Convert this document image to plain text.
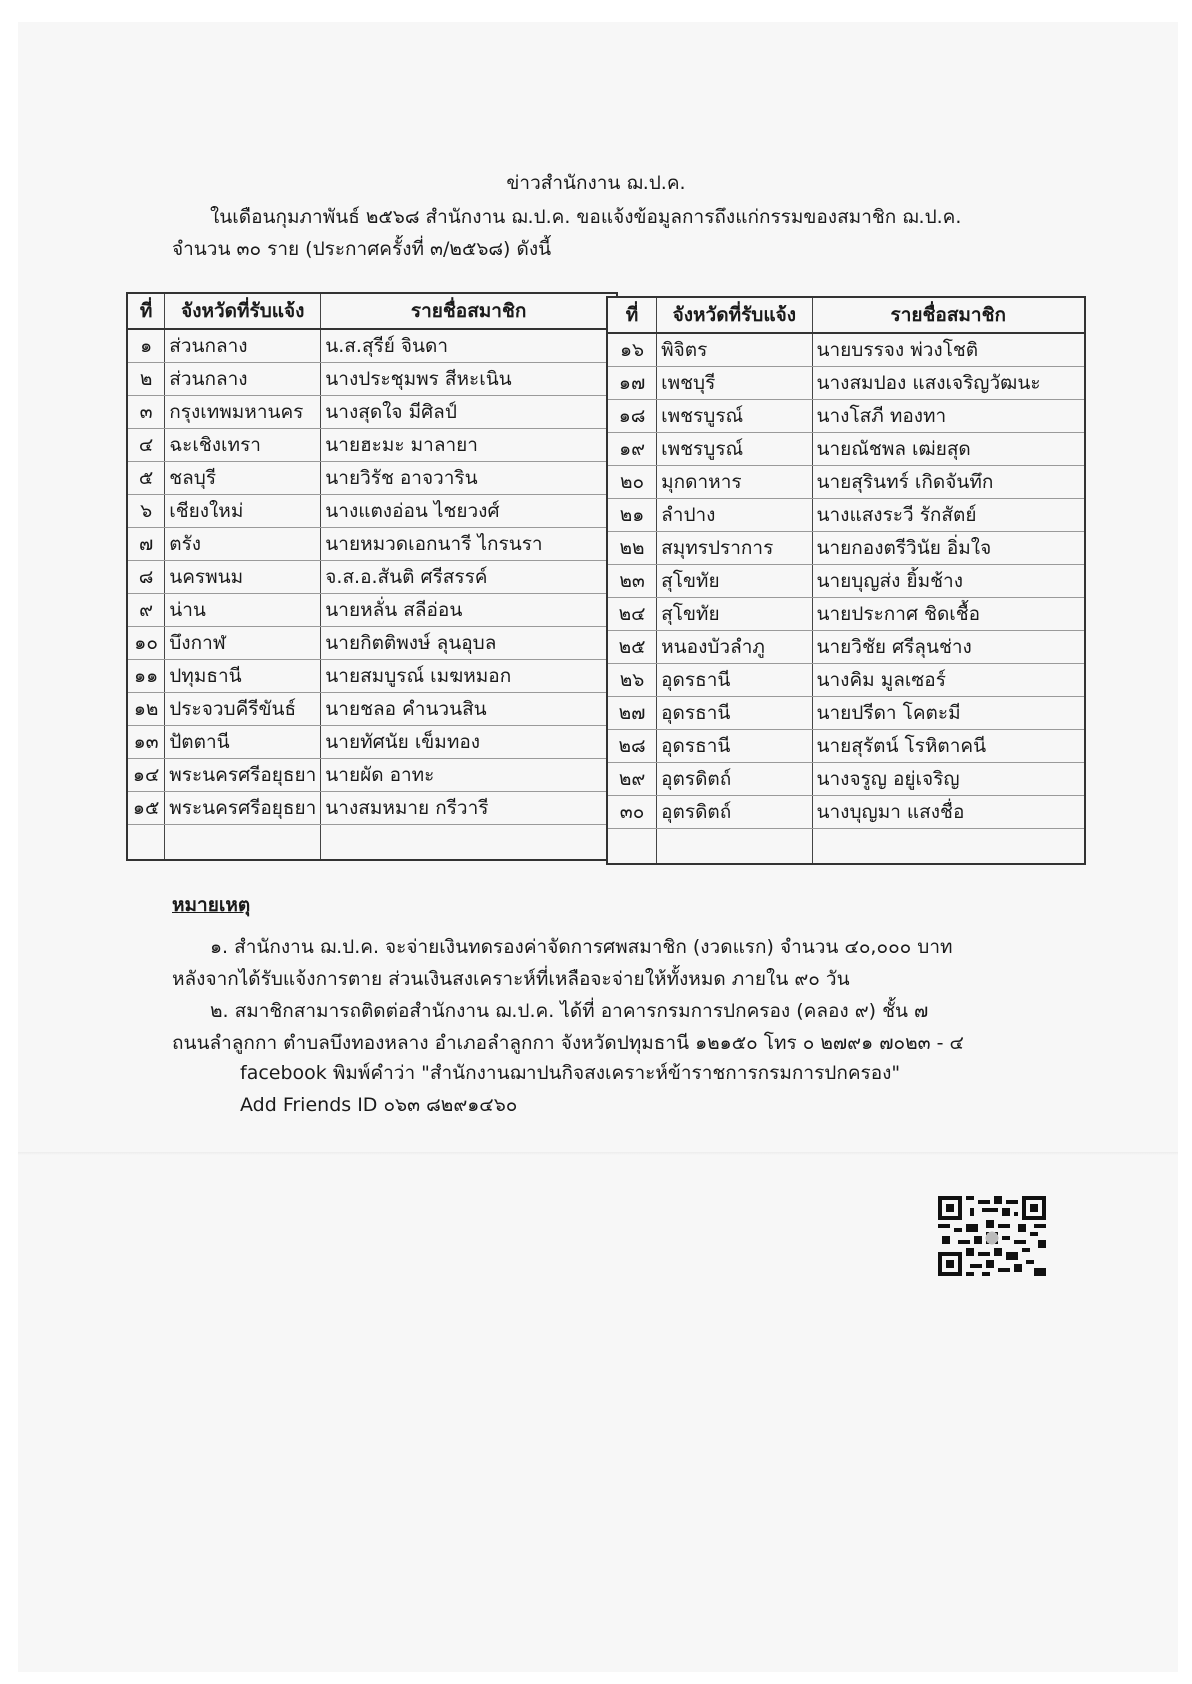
ข่าวสำนักงาน ฌ.ป.ค.
ในเดือนกุมภาพันธ์ ๒๕๖๘ สำนักงาน ฌ.ป.ค. ขอแจ้งข้อมูลการถึงแก่กรรมของสมาชิก ฌ.ป.ค.
จำนวน ๓๐ ราย (ประกาศครั้งที่ ๓/๒๕๖๘) ดังนี้
ที่	จังหวัดที่รับแจ้ง	รายชื่อสมาชิก
๑	ส่วนกลาง	น.ส.สุรีย์ จินดา
๒	ส่วนกลาง	นางประชุมพร สีหะเนิน
๓	กรุงเทพมหานคร	นางสุดใจ มีศิลป์
๔	ฉะเชิงเทรา	นายฮะมะ มาลายา
๕	ชลบุรี	นายวิรัช อาจวาริน
๖	เชียงใหม่	นางแตงอ่อน ไชยวงศ์
๗	ตรัง	นายหมวดเอกนารี ไกรนรา
๘	นครพนม	จ.ส.อ.สันติ ศรีสรรค์
๙	น่าน	นายหลั่น สลีอ่อน
๑๐	บึงกาฬ	นายกิตติพงษ์ ลุนอุบล
๑๑	ปทุมธานี	นายสมบูรณ์ เมฆหมอก
๑๒	ประจวบคีรีขันธ์	นายชลอ คำนวนสิน
๑๓	ปัตตานี	นายทัศนัย เข็มทอง
๑๔	พระนครศรีอยุธยา	นายผัด อาทะ
๑๕	พระนครศรีอยุธยา	นางสมหมาย กรีวารี

ที่	จังหวัดที่รับแจ้ง	รายชื่อสมาชิก
๑๖	พิจิตร	นายบรรจง พ่วงโชติ
๑๗	เพชบุรี	นางสมปอง แสงเจริญวัฒนะ
๑๘	เพชรบูรณ์	นางโสภี ทองทา
๑๙	เพชรบูรณ์	นายณัชพล เฒ่ยสุด
๒๐	มุกดาหาร	นายสุรินทร์ เกิดจันทึก
๒๑	ลำปาง	นางแสงระวี รักสัตย์
๒๒	สมุทรปราการ	นายกองตรีวินัย อิ่มใจ
๒๓	สุโขทัย	นายบุญส่ง ยิ้มช้าง
๒๔	สุโขทัย	นายประกาศ ชิดเชื้อ
๒๕	หนองบัวลำภู	นายวิชัย ศรีลุนช่าง
๒๖	อุดรธานี	นางคิม มูลเซอร์
๒๗	อุดรธานี	นายปรีดา โคตะมี
๒๘	อุดรธานี	นายสุรัตน์ โรหิตาคนี
๒๙	อุตรดิตถ์	นางจรูญ อยู่เจริญ
๓๐	อุตรดิตถ์	นางบุญมา แสงชื่อ

หมายเหตุ
๑. สำนักงาน ฌ.ป.ค. จะจ่ายเงินทดรองค่าจัดการศพสมาชิก (งวดแรก) จำนวน ๔๐,๐๐๐ บาท
หลังจากได้รับแจ้งการตาย ส่วนเงินสงเคราะห์ที่เหลือจะจ่ายให้ทั้งหมด ภายใน ๙๐ วัน
๒. สมาชิกสามารถติดต่อสำนักงาน ฌ.ป.ค. ได้ที่ อาคารกรมการปกครอง (คลอง ๙) ชั้น ๗
ถนนลำลูกกา ตำบลบึงทองหลาง อำเภอลำลูกกา จังหวัดปทุมธานี ๑๒๑๕๐ โทร ๐ ๒๗๙๑ ๗๐๒๓ - ๔
facebook พิมพ์คำว่า "สำนักงานฌาปนกิจสงเคราะห์ข้าราชการกรมการปกครอง"
Add Friends ID ๐๖๓ ๘๒๙๑๔๖๐
